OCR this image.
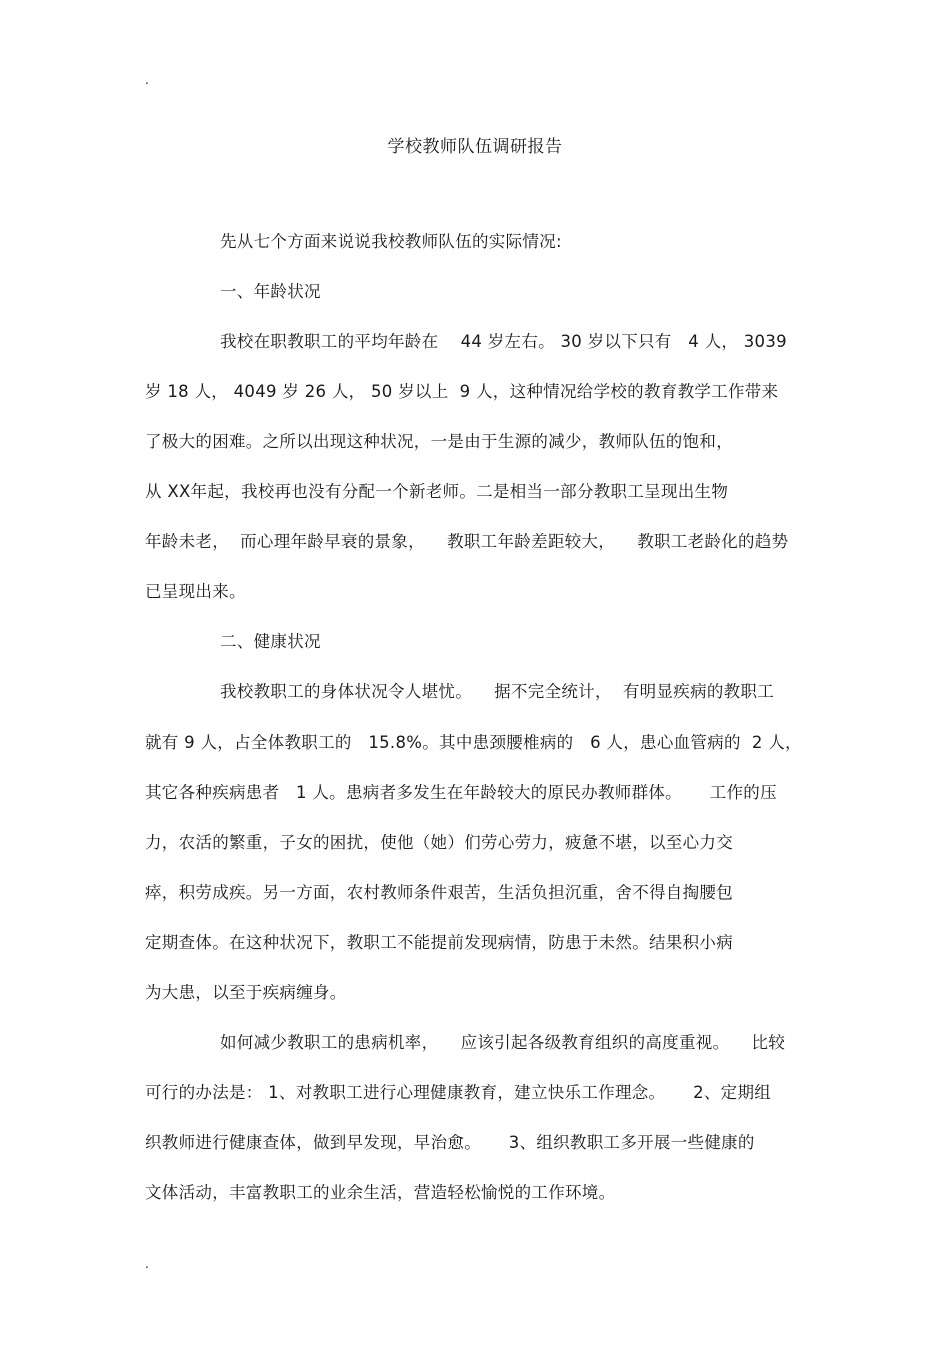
.
学校教师队伍调研报告
先从七个方面来说说我校教师队伍的实际情况:
一、年龄状况
我校在职教职工的平均年龄在    44 岁左右。 30 岁以下只有   4 人， 3039
岁 18 人， 4049 岁 26 人， 50 岁以上  9 人，这种情况给学校的教育教学工作带来
了极大的困难。之所以出现这种状况，一是由于生源的减少，教师队伍的饱和，
从 XX年起，我校再也没有分配一个新老师。二是相当一部分教职工呈现出生物
年龄未老，  而心理年龄早衰的景象，    教职工年龄差距较大，    教职工老龄化的趋势
已呈现出来。
二、健康状况
我校教职工的身体状况令人堪忧。    据不完全统计，  有明显疾病的教职工
就有 9 人，占全体教职工的   15.8%。其中患颈腰椎病的   6 人，患心血管病的  2 人，
其它各种疾病患者   1 人。患病者多发生在年龄较大的原民办教师群体。     工作的压
力，农活的繁重，子女的困扰，使他（她）们劳心劳力，疲惫不堪，以至心力交
瘁，积劳成疾。另一方面，农村教师条件艰苦，生活负担沉重，舍不得自掏腰包
定期查体。在这种状况下，教职工不能提前发现病情，防患于未然。结果积小病
为大患，以至于疾病缠身。
如何减少教职工的患病机率，    应该引起各级教育组织的高度重视。    比较
可行的办法是： 1、对教职工进行心理健康教育，建立快乐工作理念。     2、定期组
织教师进行健康查体，做到早发现，早治愈。     3、组织教职工多开展一些健康的
文体活动，丰富教职工的业余生活，营造轻松愉悦的工作环境。
.
